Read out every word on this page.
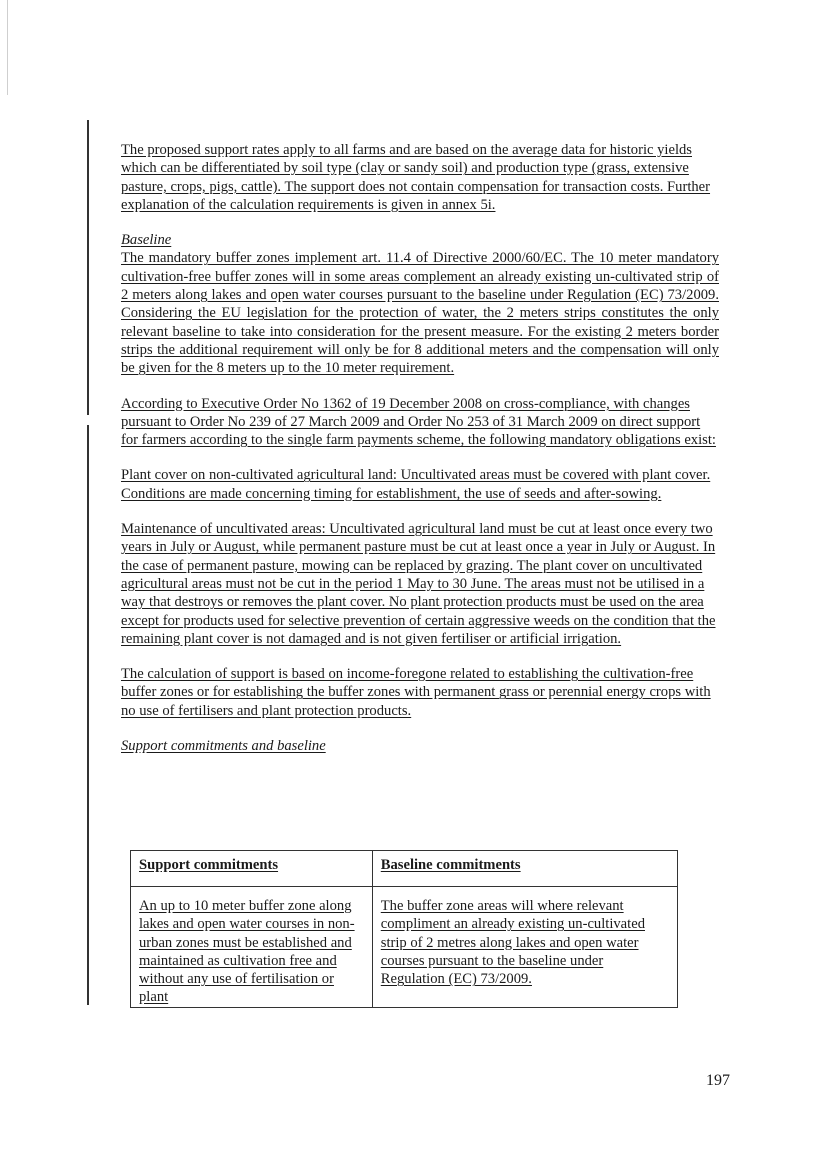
The proposed support rates apply to all farms and are based on the average data for historic yields which can be differentiated by soil type (clay or sandy soil) and production type (grass, extensive pasture, crops, pigs, cattle). The support does not contain compensation for transaction costs. Further explanation of the calculation requirements is given in annex 5i.

Baseline

The mandatory buffer zones implement art. 11.4 of Directive 2000/60/EC. The 10 meter mandatory cultivation-free buffer zones will in some areas complement an already existing un-cultivated strip of 2 meters along lakes and open water courses pursuant to the baseline under Regulation (EC) 73/2009. Considering the EU legislation for the protection of water, the 2 meters strips constitutes the only relevant baseline to take into consideration for the present measure. For the existing 2 meters border strips the additional requirement will only be for 8 additional meters and the compensation will only be given for the 8 meters up to the 10 meter requirement.

According to Executive Order No 1362 of 19 December 2008 on cross-compliance, with changes pursuant to Order No 239 of 27 March 2009 and Order No 253 of 31 March 2009 on direct support for farmers according to the single farm payments scheme, the following mandatory obligations exist:

Plant cover on non-cultivated agricultural land: Uncultivated areas must be covered with plant cover. Conditions are made concerning timing for establishment, the use of seeds and after-sowing.

Maintenance of uncultivated areas: Uncultivated agricultural land must be cut at least once every two years in July or August, while permanent pasture must be cut at least once a year in July or August. In the case of permanent pasture, mowing can be replaced by grazing. The plant cover on uncultivated agricultural areas must not be cut in the period 1 May to 30 June. The areas must not be utilised in a way that destroys or removes the plant cover. No plant protection products must be used on the area except for products used for selective prevention of certain aggressive weeds on the condition that the remaining plant cover is not damaged and is not given fertiliser or artificial irrigation.

The calculation of support is based on income-foregone related to establishing the cultivation-free buffer zones or for establishing the buffer zones with permanent grass or perennial energy crops with no use of fertilisers and plant protection products.

Support commitments and baseline

Support commitments	Baseline commitments
An up to 10 meter buffer zone along lakes and open water courses in non-urban zones must be established and maintained as cultivation free and without any use of fertilisation or plant	The buffer zone areas will where relevant compliment an already existing un-cultivated strip of 2 metres along lakes and open water courses pursuant to the baseline under Regulation (EC) 73/2009.
197
